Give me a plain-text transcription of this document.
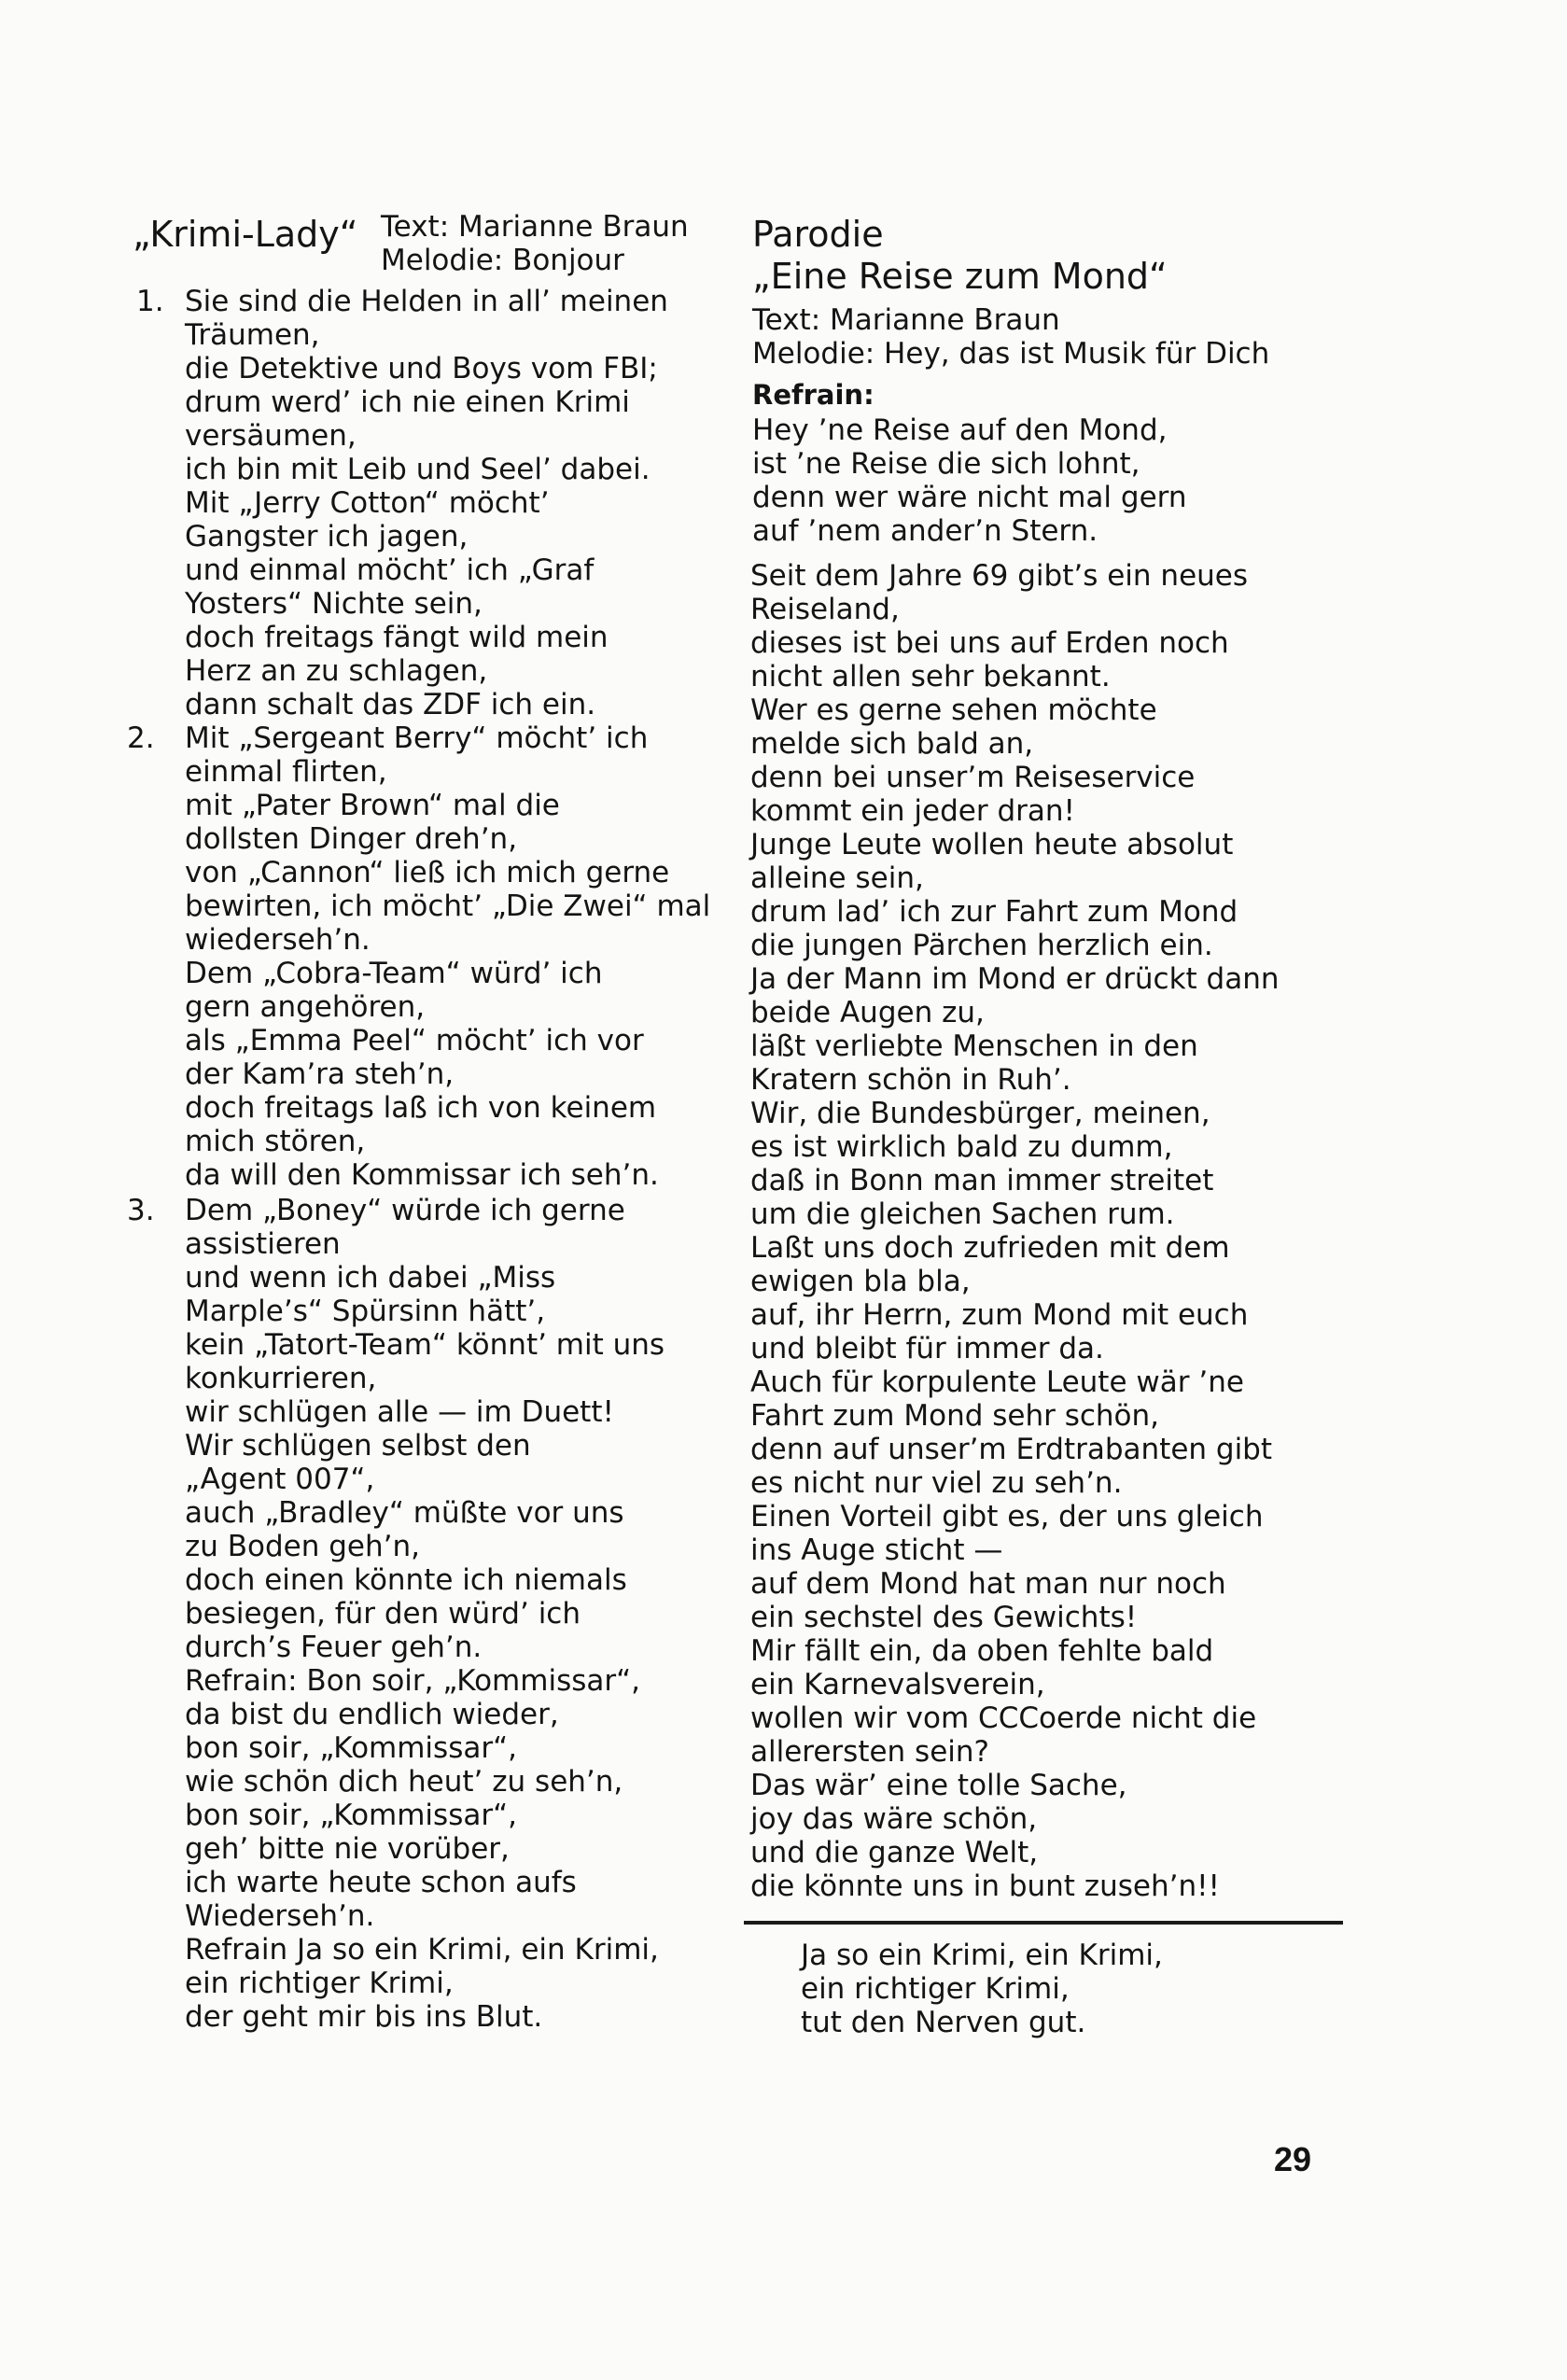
„Krimi-Lady“ Text: Marianne Braun
Melodie: Bonjour
1. Sie sind die Helden in all’ meinen
Träumen,
die Detektive und Boys vom FBI;
drum werd’ ich nie einen Krimi
versäumen,
ich bin mit Leib und Seel’ dabei.
Mit „Jerry Cotton“ möcht’
Gangster ich jagen,
und einmal möcht’ ich „Graf
Yosters“ Nichte sein,
doch freitags fängt wild mein
Herz an zu schlagen,
dann schalt das ZDF ich ein.
2. Mit „Sergeant Berry“ möcht’ ich
einmal flirten,
mit „Pater Brown“ mal die
dollsten Dinger dreh’n,
von „Cannon“ ließ ich mich gerne
bewirten, ich möcht’ „Die Zwei“ mal
wiederseh’n.
Dem „Cobra-Team“ würd’ ich
gern angehören,
als „Emma Peel“ möcht’ ich vor
der Kam’ra steh’n,
doch freitags laß ich von keinem
mich stören,
da will den Kommissar ich seh’n.
3. Dem „Boney“ würde ich gerne
assistieren
und wenn ich dabei „Miss
Marple’s“ Spürsinn hätt’,
kein „Tatort-Team“ könnt’ mit uns
konkurrieren,
wir schlügen alle — im Duett!
Wir schlügen selbst den
„Agent 007“,
auch „Bradley“ müßte vor uns
zu Boden geh’n,
doch einen könnte ich niemals
besiegen, für den würd’ ich
durch’s Feuer geh’n.
Refrain: Bon soir, „Kommissar“,
da bist du endlich wieder,
bon soir, „Kommissar“,
wie schön dich heut’ zu seh’n,
bon soir, „Kommissar“,
geh’ bitte nie vorüber,
ich warte heute schon aufs
Wiederseh’n.
Refrain Ja so ein Krimi, ein Krimi,
ein richtiger Krimi,
der geht mir bis ins Blut.
Parodie
„Eine Reise zum Mond“
Text: Marianne Braun
Melodie: Hey, das ist Musik für Dich
Refrain:
Hey ’ne Reise auf den Mond,
ist ’ne Reise die sich lohnt,
denn wer wäre nicht mal gern
auf ’nem ander’n Stern.
Seit dem Jahre 69 gibt’s ein neues
Reiseland,
dieses ist bei uns auf Erden noch
nicht allen sehr bekannt.
Wer es gerne sehen möchte
melde sich bald an,
denn bei unser’m Reiseservice
kommt ein jeder dran!
Junge Leute wollen heute absolut
alleine sein,
drum lad’ ich zur Fahrt zum Mond
die jungen Pärchen herzlich ein.
Ja der Mann im Mond er drückt dann
beide Augen zu,
läßt verliebte Menschen in den
Kratern schön in Ruh’.
Wir, die Bundesbürger, meinen,
es ist wirklich bald zu dumm,
daß in Bonn man immer streitet
um die gleichen Sachen rum.
Laßt uns doch zufrieden mit dem
ewigen bla bla,
auf, ihr Herrn, zum Mond mit euch
und bleibt für immer da.
Auch für korpulente Leute wär ’ne
Fahrt zum Mond sehr schön,
denn auf unser’m Erdtrabanten gibt
es nicht nur viel zu seh’n.
Einen Vorteil gibt es, der uns gleich
ins Auge sticht —
auf dem Mond hat man nur noch
ein sechstel des Gewichts!
Mir fällt ein, da oben fehlte bald
ein Karnevalsverein,
wollen wir vom CCCoerde nicht die
allerersten sein?
Das wär’ eine tolle Sache,
joy das wäre schön,
und die ganze Welt,
die könnte uns in bunt zuseh’n!!
Ja so ein Krimi, ein Krimi,
ein richtiger Krimi,
tut den Nerven gut.
29
